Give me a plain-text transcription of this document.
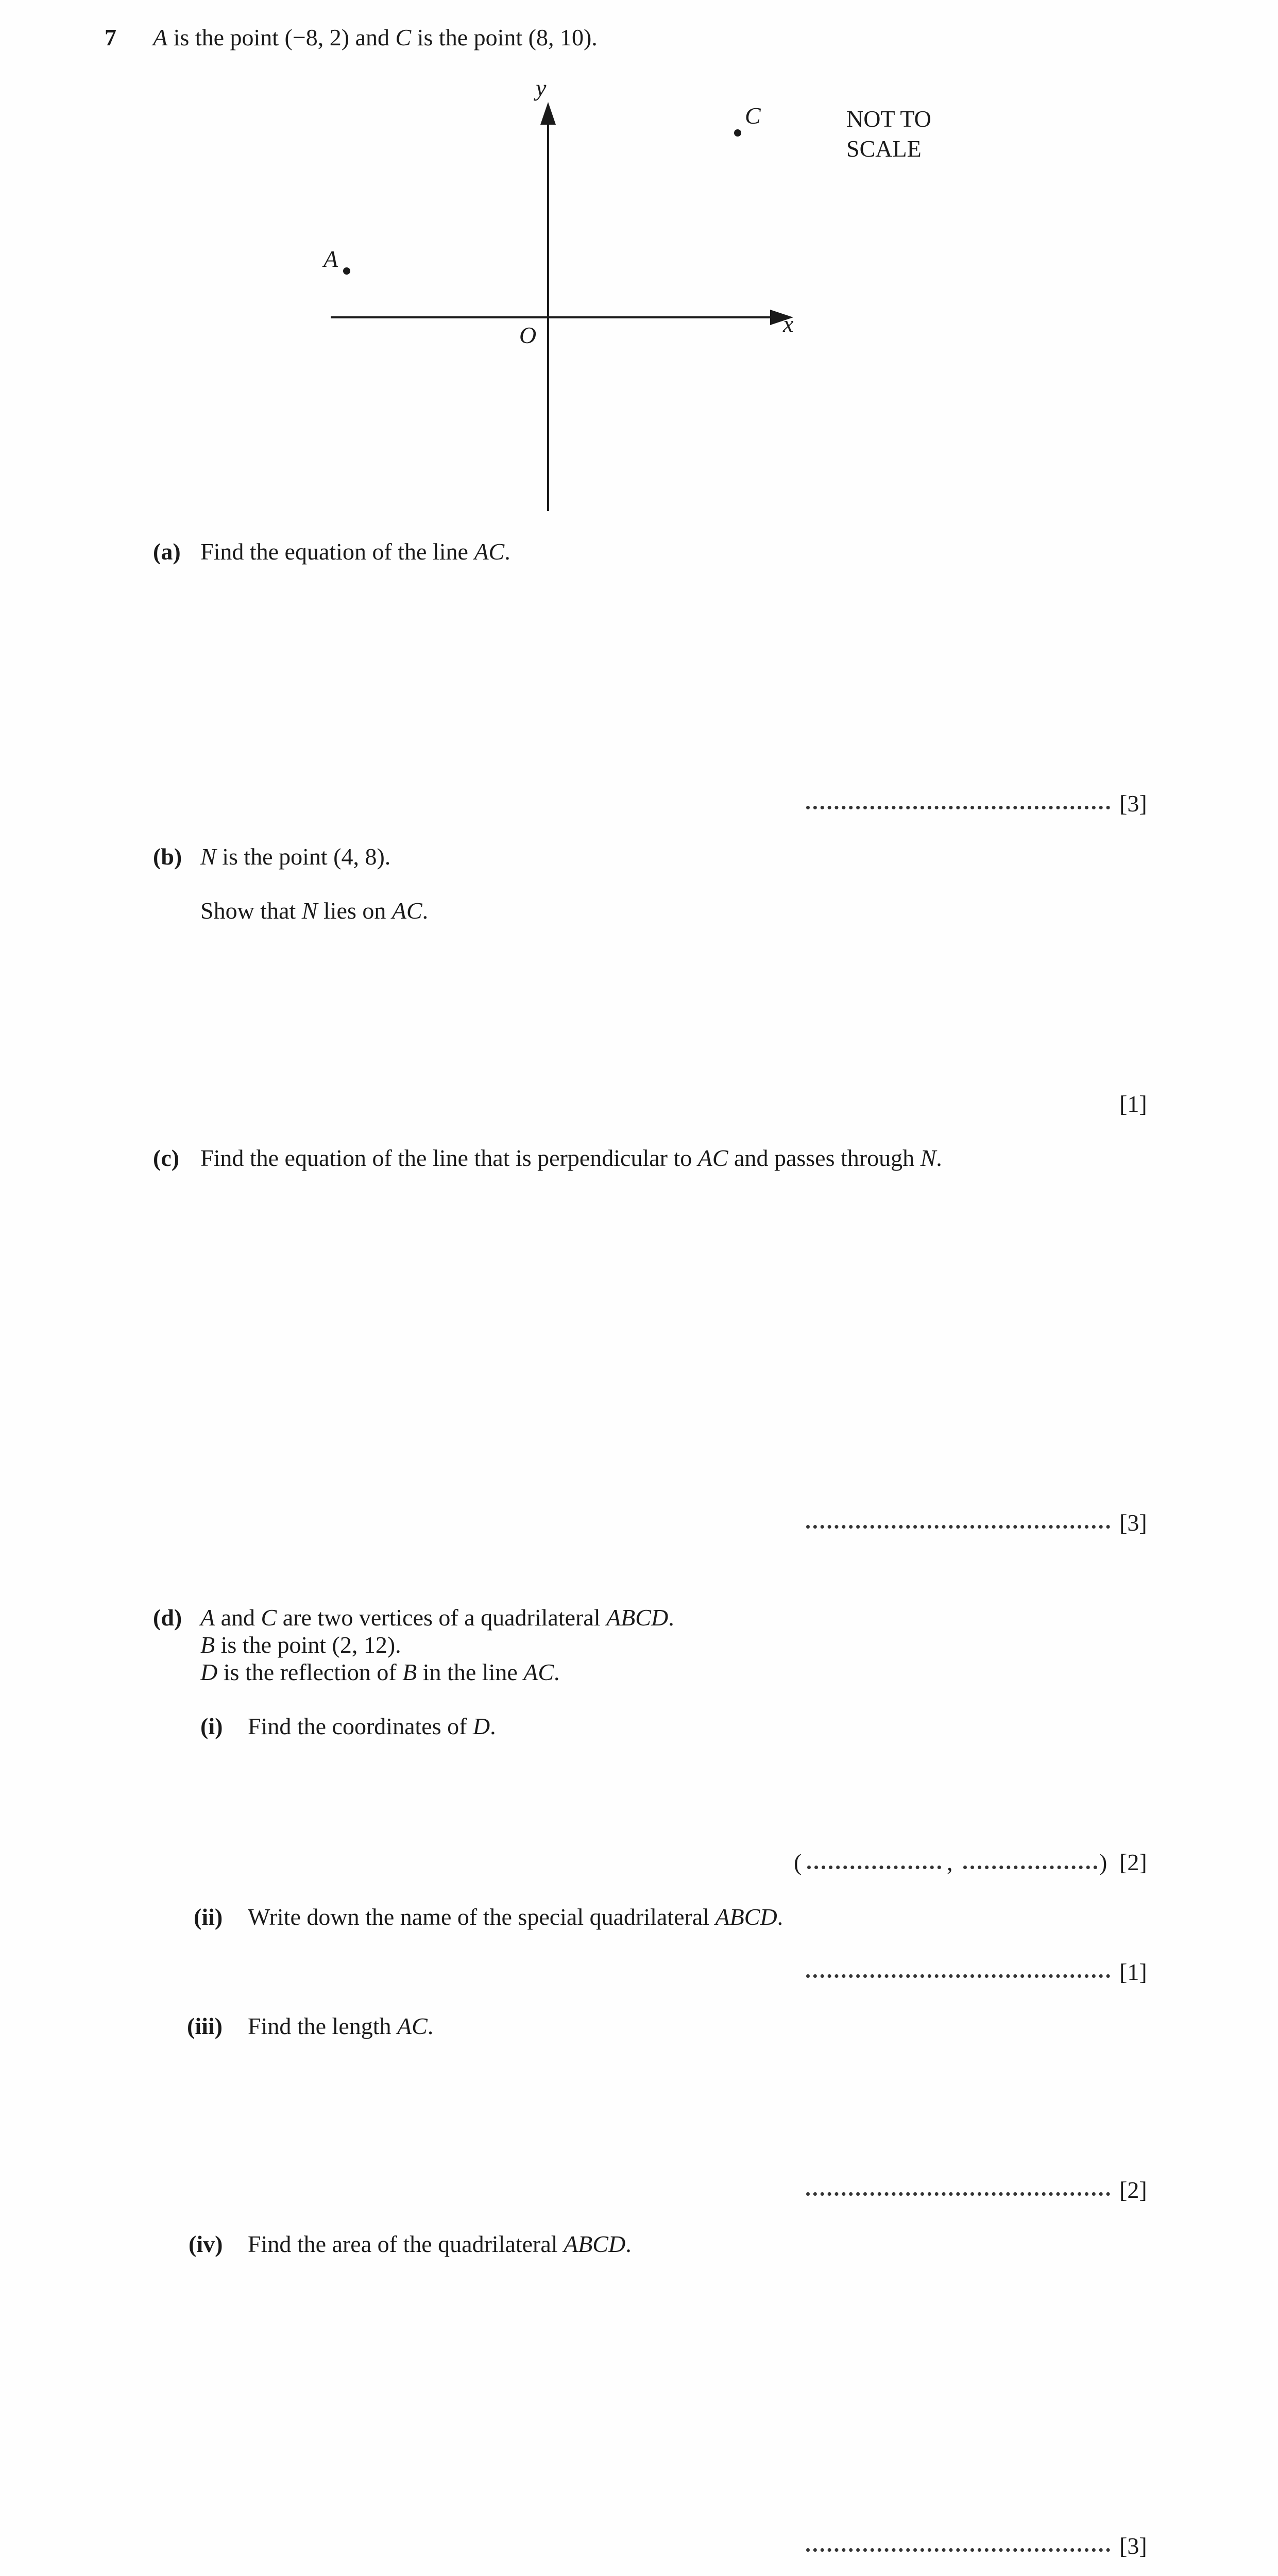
7 A is the point (−8, 2) and C is the point (8, 10).
y
x
O
A
C	NOT TO
SCALE
(a) Find the equation of the line AC.
[3]
(b) N is the point (4, 8).
Show that N lies on AC.
[1]
(c) Find the equation of the line that is perpendicular to AC and passes through N.
[3]
(d) A and C are two vertices of a quadrilateral ABCD.
B is the point (2, 12).
D is the reflection of B in the line AC.
(i) Find the coordinates of D.
(	,	) [2]
(ii) Write down the name of the special quadrilateral ABCD.
[1]
(iii) Find the length AC.
[2]
(iv) Find the area of the quadrilateral ABCD.
[3]
